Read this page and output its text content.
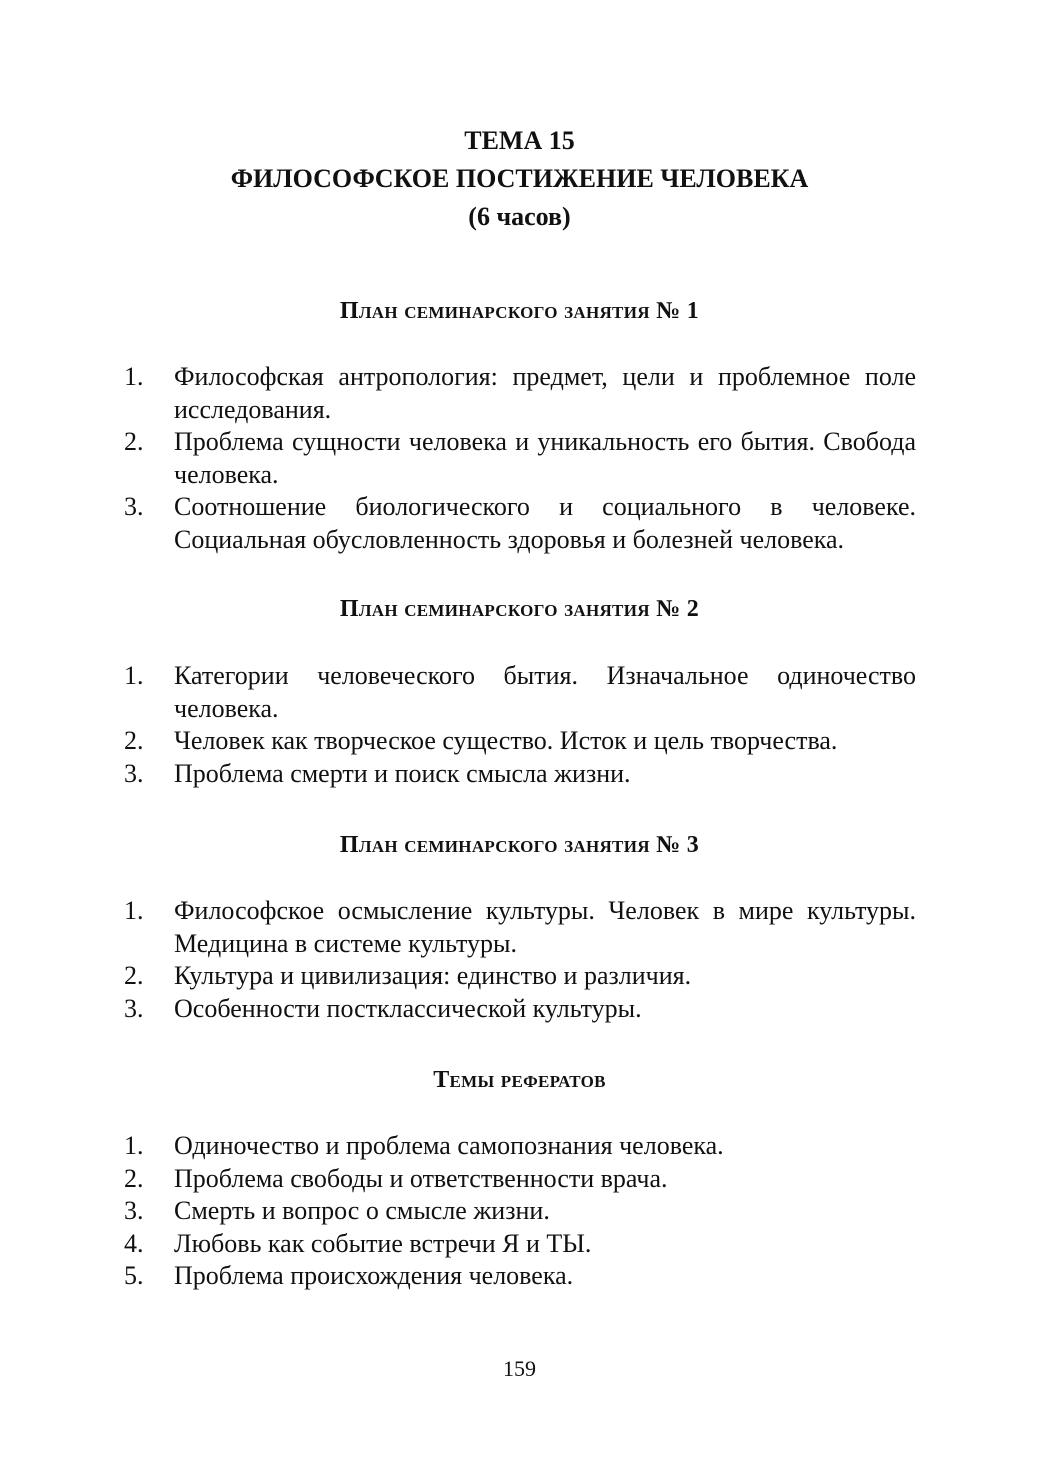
ТЕМА 15
ФИЛОСОФСКОЕ ПОСТИЖЕНИЕ ЧЕЛОВЕКА
(6 часов)
План семинарского занятия № 1
1. Философская антропология: предмет, цели и проблемное поле исследования.
2. Проблема сущности человека и уникальность его бытия. Свобода человека.
3. Соотношение биологического и социального в человеке. Социальная обусловленность здоровья и болезней человека.
План семинарского занятия № 2
1. Категории человеческого бытия. Изначальное одиночество человека.
2. Человек как творческое существо. Исток и цель творчества.
3. Проблема смерти и поиск смысла жизни.
План семинарского занятия № 3
1. Философское осмысление культуры. Человек в мире культуры. Медицина в системе культуры.
2. Культура и цивилизация: единство и различия.
3. Особенности постклассической культуры.
Темы рефератов
1. Одиночество и проблема самопознания человека.
2. Проблема свободы и ответственности врача.
3. Смерть и вопрос о смысле жизни.
4. Любовь как событие встречи Я и ТЫ.
5. Проблема происхождения человека.
159
